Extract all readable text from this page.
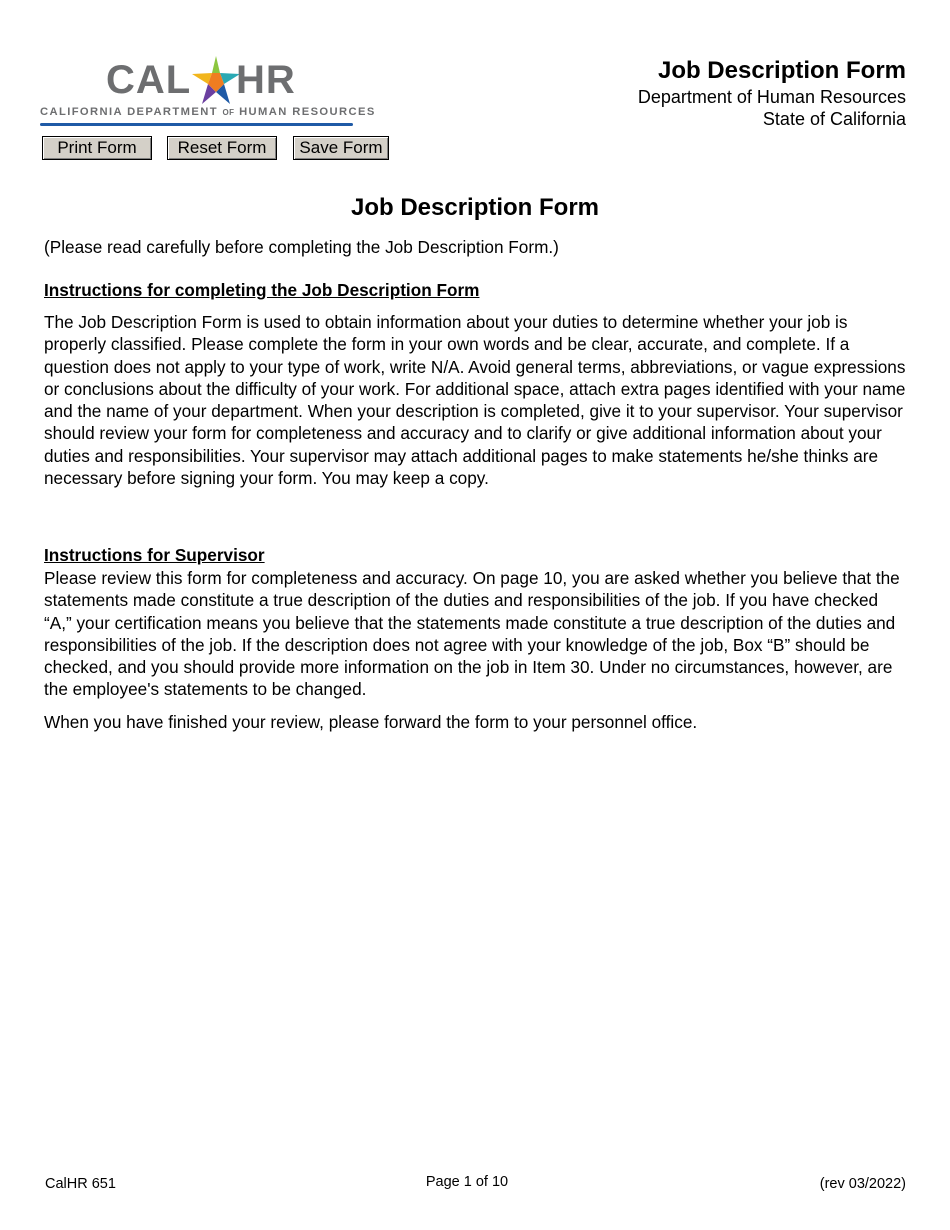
CAL HR
CALIFORNIA DEPARTMENT OF HUMAN RESOURCES
Print Form	Reset Form	Save Form
Job Description Form
Department of Human Resources
State of California
Job Description Form
(Please read carefully before completing the Job Description Form.)
Instructions for completing the Job Description Form
The Job Description Form is used to obtain information about your duties to determine whether your job is properly classified. Please complete the form in your own words and be clear, accurate, and complete. If a question does not apply to your type of work, write N/A. Avoid general terms, abbreviations, or vague expressions or conclusions about the difficulty of your work. For additional space, attach extra pages identified with your name and the name of your department. When your description is completed, give it to your supervisor. Your supervisor should review your form for completeness and accuracy and to clarify or give additional information about your duties and responsibilities. Your supervisor may attach additional pages to make statements he/she thinks are necessary before signing your form. You may keep a copy.
Instructions for Supervisor
Please review this form for completeness and accuracy. On page 10, you are asked whether you believe that the statements made constitute a true description of the duties and responsibilities of the job. If you have checked “A,” your certification means you believe that the statements made constitute a true description of the duties and responsibilities of the job. If the description does not agree with your knowledge of the job, Box “B” should be checked, and you should provide more information on the job in Item 30. Under no circumstances, however, are the employee's statements to be changed.
When you have finished your review, please forward the form to your personnel office.
CalHR 651	Page 1 of 10	(rev 03/2022)
